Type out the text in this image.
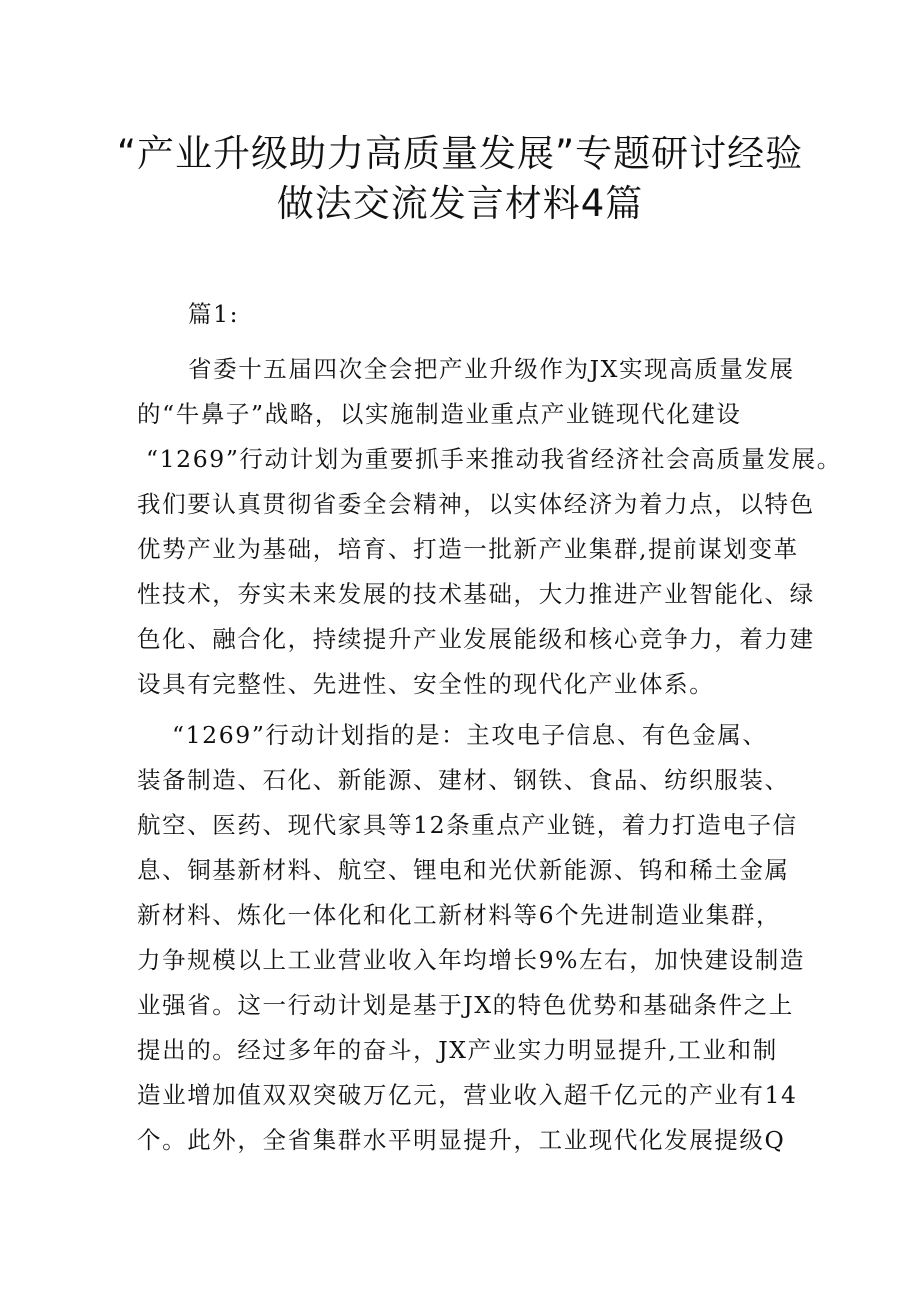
“产业升级助力高质量发展”专题研讨经验
做法交流发言材料4篇
篇1:
省委十五届四次全会把产业升级作为JX实现高质量发展
的“牛鼻子”战略，以实施制造业重点产业链现代化建设
“1269”行动计划为重要抓手来推动我省经济社会高质量发展。
我们要认真贯彻省委全会精神，以实体经济为着力点，以特色
优势产业为基础，培育、打造一批新产业集群,提前谋划变革
性技术，夯实未来发展的技术基础，大力推进产业智能化、绿
色化、融合化，持续提升产业发展能级和核心竞争力，着力建
设具有完整性、先进性、安全性的现代化产业体系。
“1269”行动计划指的是：主攻电子信息、有色金属、
装备制造、石化、新能源、建材、钢铁、食品、纺织服装、
航空、医药、现代家具等12条重点产业链，着力打造电子信
息、铜基新材料、航空、锂电和光伏新能源、钨和稀土金属
新材料、炼化一体化和化工新材料等6个先进制造业集群，
力争规模以上工业营业收入年均增长9%左右，加快建设制造
业强省。这一行动计划是基于JX的特色优势和基础条件之上
提出的。经过多年的奋斗，JX产业实力明显提升,工业和制
造业增加值双双突破万亿元，营业收入超千亿元的产业有14
个。此外，全省集群水平明显提升，工业现代化发展提级Q
